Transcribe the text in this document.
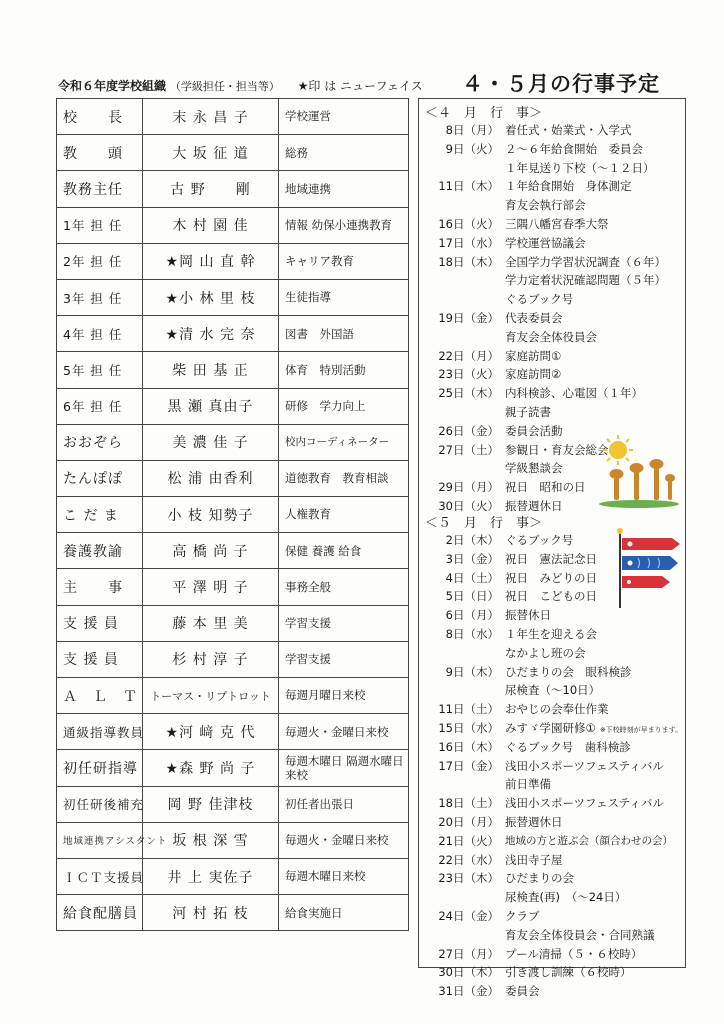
令和６年度学校組織 （学級担任・担当等） ★印 は ニューフェイス ４・５月の行事予定
校　　長	末 永 昌 子	学校運営
教　　頭	大 坂 征 道	総務
教務主任	古 野　　剛	地域連携
1年 担 任	木 村 園 佳	情報 幼保小連携教育
2年 担 任	★岡 山 直 幹	キャリア教育
3年 担 任	★小 林 里 枝	生徒指導
4年 担 任	★清 水 完 奈	図書　外国語
5年 担 任	柴 田 基 正	体育　特別活動
6年 担 任	黒 瀬 真由子	研修　学力向上
おおぞら	美 濃 佳 子	校内コーディネーター
たんぽぽ	松 浦 由香利	道徳教育　教育相談
こ だ ま	小 枝 知勢子	人権教育
養護教諭	高 橋 尚 子	保健 養護 給食
主　　事	平 澤 明 子	事務全般
支 援 員	藤 本 里 美	学習支援
支 援 員	杉 村 淳 子	学習支援
Ａ　Ｌ　Ｔ	トーマス・リプトロット	毎週月曜日来校
通級指導教員	★河 﨑 克 代	毎週火・金曜日来校
初任研指導	★森 野 尚 子	毎週木曜日 隔週水曜日来校
初任研後補充	岡 野 佳津枝	初任者出張日
地域連携アシスタント	坂 根 深 雪	毎週火・金曜日来校
ＩＣＴ支援員	井 上 実佐子	毎週木曜日来校
給食配膳員	河 村 拓 枝	給食実施日
＜４　月　行　事＞
8日（月） 着任式・始業式・入学式
9日（火） ２～６年給食開始　委員会
１年見送り下校（～１２日）
11日（木） １年給食開始　身体測定
育友会執行部会
16日（火） 三隅八幡宮春季大祭
17日（水） 学校運営協議会
18日（木） 全国学力学習状況調査（６年）
学力定着状況確認問題（５年）
ぐるブック号
19日（金） 代表委員会
育友会全体役員会
22日（月） 家庭訪問①
23日（火） 家庭訪問②
25日（木） 内科検診、心電図（１年）
親子読書
26日（金） 委員会活動
27日（土） 参観日・育友会総会
学級懇談会
29日（月） 祝日　昭和の日
30日（火） 振替週休日
＜５　月　行　事＞
2日（木） ぐるブック号
3日（金） 祝日　憲法記念日
4日（土） 祝日　みどりの日
5日（日） 祝日　こどもの日
6日（月） 振替休日
8日（水） １年生を迎える会
なかよし班の会
9日（木） ひだまりの会　眼科検診
尿検査（～10日）
11日（土） おやじの会奉仕作業
15日（水） みすゞ学園研修① ※下校時刻が早まります。
16日（木） ぐるブック号　歯科検診
17日（金） 浅田小スポーツフェスティバル
前日準備
18日（土） 浅田小スポーツフェスティバル
20日（月） 振替週休日
21日（火） 地域の方と遊ぶ会（顔合わせの会）
22日（水） 浅田寺子屋
23日（木） ひだまりの会
尿検査(再)　（～24日）
24日（金） クラブ
育友会全体役員会・合同熟議
27日（月） プール清掃（５・６校時）
30日（木） 引き渡し訓練（６校時）
31日（金） 委員会
